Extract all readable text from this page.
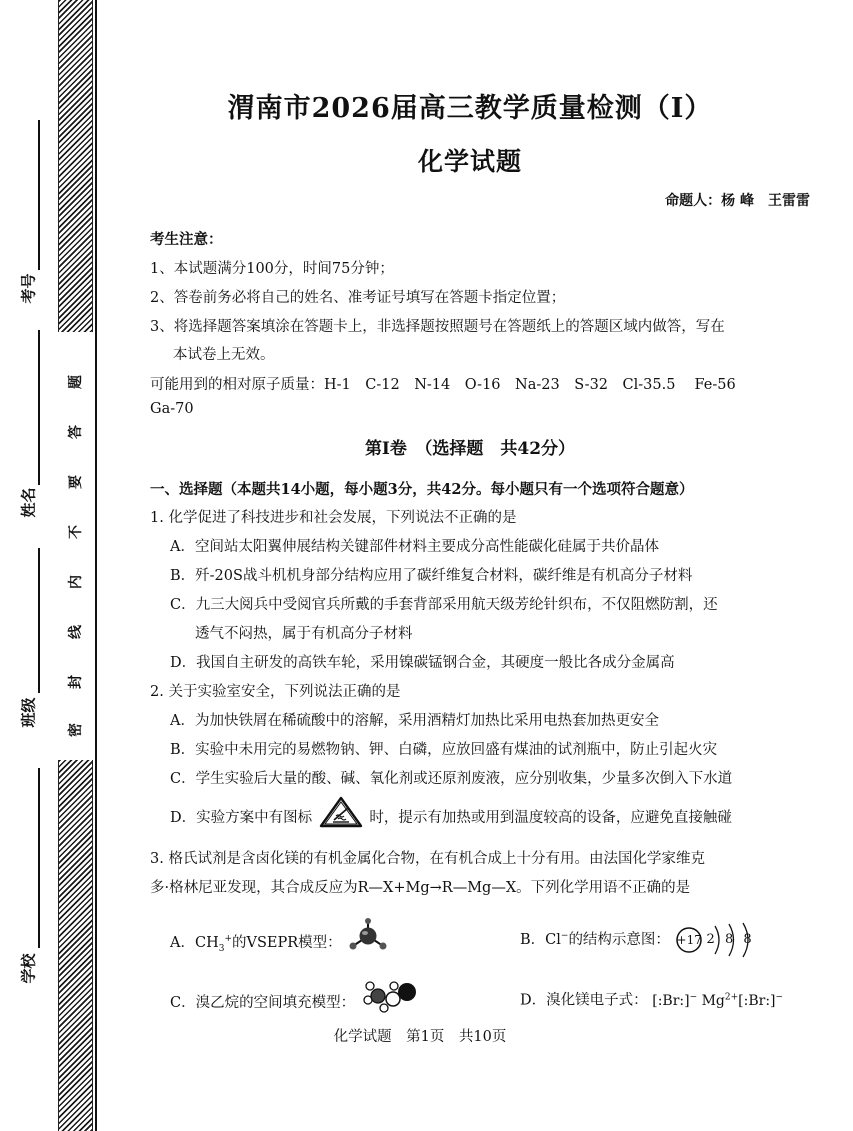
考号
姓名
班级
学校
密
封
线
内
不
要
答
题
渭南市2026届高三教学质量检测（Ⅰ）
化学试题
命题人：杨 峰　王雷雷
考生注意：
1、本试题满分100分，时间75分钟；
2、答卷前务必将自己的姓名、准考证号填写在答题卡指定位置；
3、将选择题答案填涂在答题卡上，非选择题按照题号在答题纸上的答题区域内做答，写在
本试卷上无效。
可能用到的相对原子质量：H-1　C-12　N-14　O-16　Na-23　S-32　Cl-35.5　 Fe-56
Ga-70
第Ⅰ卷　（选择题　共42分）
一、选择题（本题共14小题，每小题3分，共42分。每小题只有一个选项符合题意）
1. 化学促进了科技进步和社会发展，下列说法不正确的是
A．空间站太阳翼伸展结构关键部件材料主要成分高性能碳化硅属于共价晶体
B．歼-20S战斗机机身部分结构应用了碳纤维复合材料，碳纤维是有机高分子材料
C．九三大阅兵中受阅官兵所戴的手套背部采用航天级芳纶针织布，不仅阻燃防割，还
透气不闷热，属于有机高分子材料
D．我国自主研发的高铁车轮，采用镍碳锰钢合金，其硬度一般比各成分金属高
2. 关于实验室安全，下列说法正确的是
A．为加快铁屑在稀硫酸中的溶解，采用酒精灯加热比采用电热套加热更安全
B．实验中未用完的易燃物钠、钾、白磷，应放回盛有煤油的试剂瓶中，防止引起火灾
C．学生实验后大量的酸、碱、氧化剂或还原剂废液，应分别收集，少量多次倒入下水道
D．实验方案中有图标	时，提示有加热或用到温度较高的设备，应避免直接触碰
3. 格氏试剂是含卤化镁的有机金属化合物，在有机合成上十分有用。由法国化学家维克
多·格林尼亚发现，其合成反应为R—X+Mg→R—Mg—X。下列化学用语不正确的是
A．$CH_3^+$的VSEPR模型：	B．Cl−的结构示意图： +17 2 8 8
C．溴乙烷的空间填充模型：	D．溴化镁电子式： [:Br:]− $Mg^{2+}[:Br:]^-$
化学试题　第1页　共10页
